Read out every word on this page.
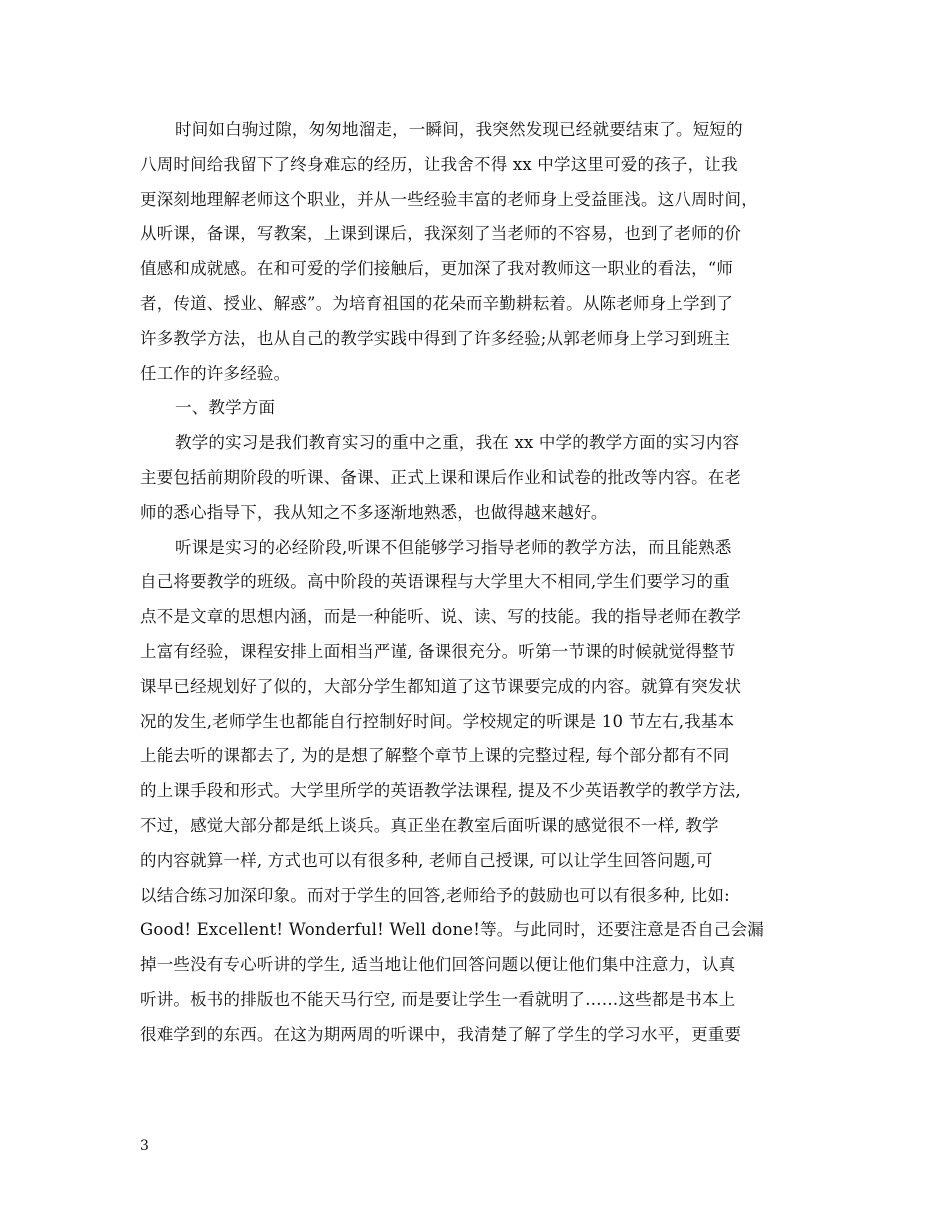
时间如白驹过隙，匆匆地溜走，一瞬间，我突然发现已经就要结束了。短短的
八周时间给我留下了终身难忘的经历，让我舍不得 xx 中学这里可爱的孩子，让我
更深刻地理解老师这个职业，并从一些经验丰富的老师身上受益匪浅。这八周时间，
从听课，备课，写教案，上课到课后，我深刻了当老师的不容易，也到了老师的价
值感和成就感。在和可爱的学们接触后，更加深了我对教师这一职业的看法，“师
者，传道、授业、解惑”。为培育祖国的花朵而辛勤耕耘着。从陈老师身上学到了
许多教学方法，也从自己的教学实践中得到了许多经验;从郭老师身上学习到班主
任工作的许多经验。
一、教学方面
教学的实习是我们教育实习的重中之重，我在 xx 中学的教学方面的实习内容
主要包括前期阶段的听课、备课、正式上课和课后作业和试卷的批改等内容。在老
师的悉心指导下，我从知之不多逐渐地熟悉，也做得越来越好。
听课是实习的必经阶段,听课不但能够学习指导老师的教学方法，而且能熟悉
自己将要教学的班级。高中阶段的英语课程与大学里大不相同,学生们要学习的重
点不是文章的思想内涵，而是一种能听、说、读、写的技能。我的指导老师在教学
上富有经验，课程安排上面相当严谨, 备课很充分。听第一节课的时候就觉得整节
课早已经规划好了似的，大部分学生都知道了这节课要完成的内容。就算有突发状
况的发生,老师学生也都能自行控制好时间。学校规定的听课是 10 节左右,我基本
上能去听的课都去了, 为的是想了解整个章节上课的完整过程, 每个部分都有不同
的上课手段和形式。大学里所学的英语教学法课程, 提及不少英语教学的教学方法,
不过，感觉大部分都是纸上谈兵。真正坐在教室后面听课的感觉很不一样, 教学
的内容就算一样, 方式也可以有很多种, 老师自己授课, 可以让学生回答问题,可
以结合练习加深印象。而对于学生的回答,老师给予的鼓励也可以有很多种, 比如:
Good! Excellent! Wonderful! Well done!等。与此同时，还要注意是否自己会漏
掉一些没有专心听讲的学生, 适当地让他们回答问题以便让他们集中注意力，认真
听讲。板书的排版也不能天马行空, 而是要让学生一看就明了……这些都是书本上
很难学到的东西。在这为期两周的听课中，我清楚了解了学生的学习水平，更重要
3
